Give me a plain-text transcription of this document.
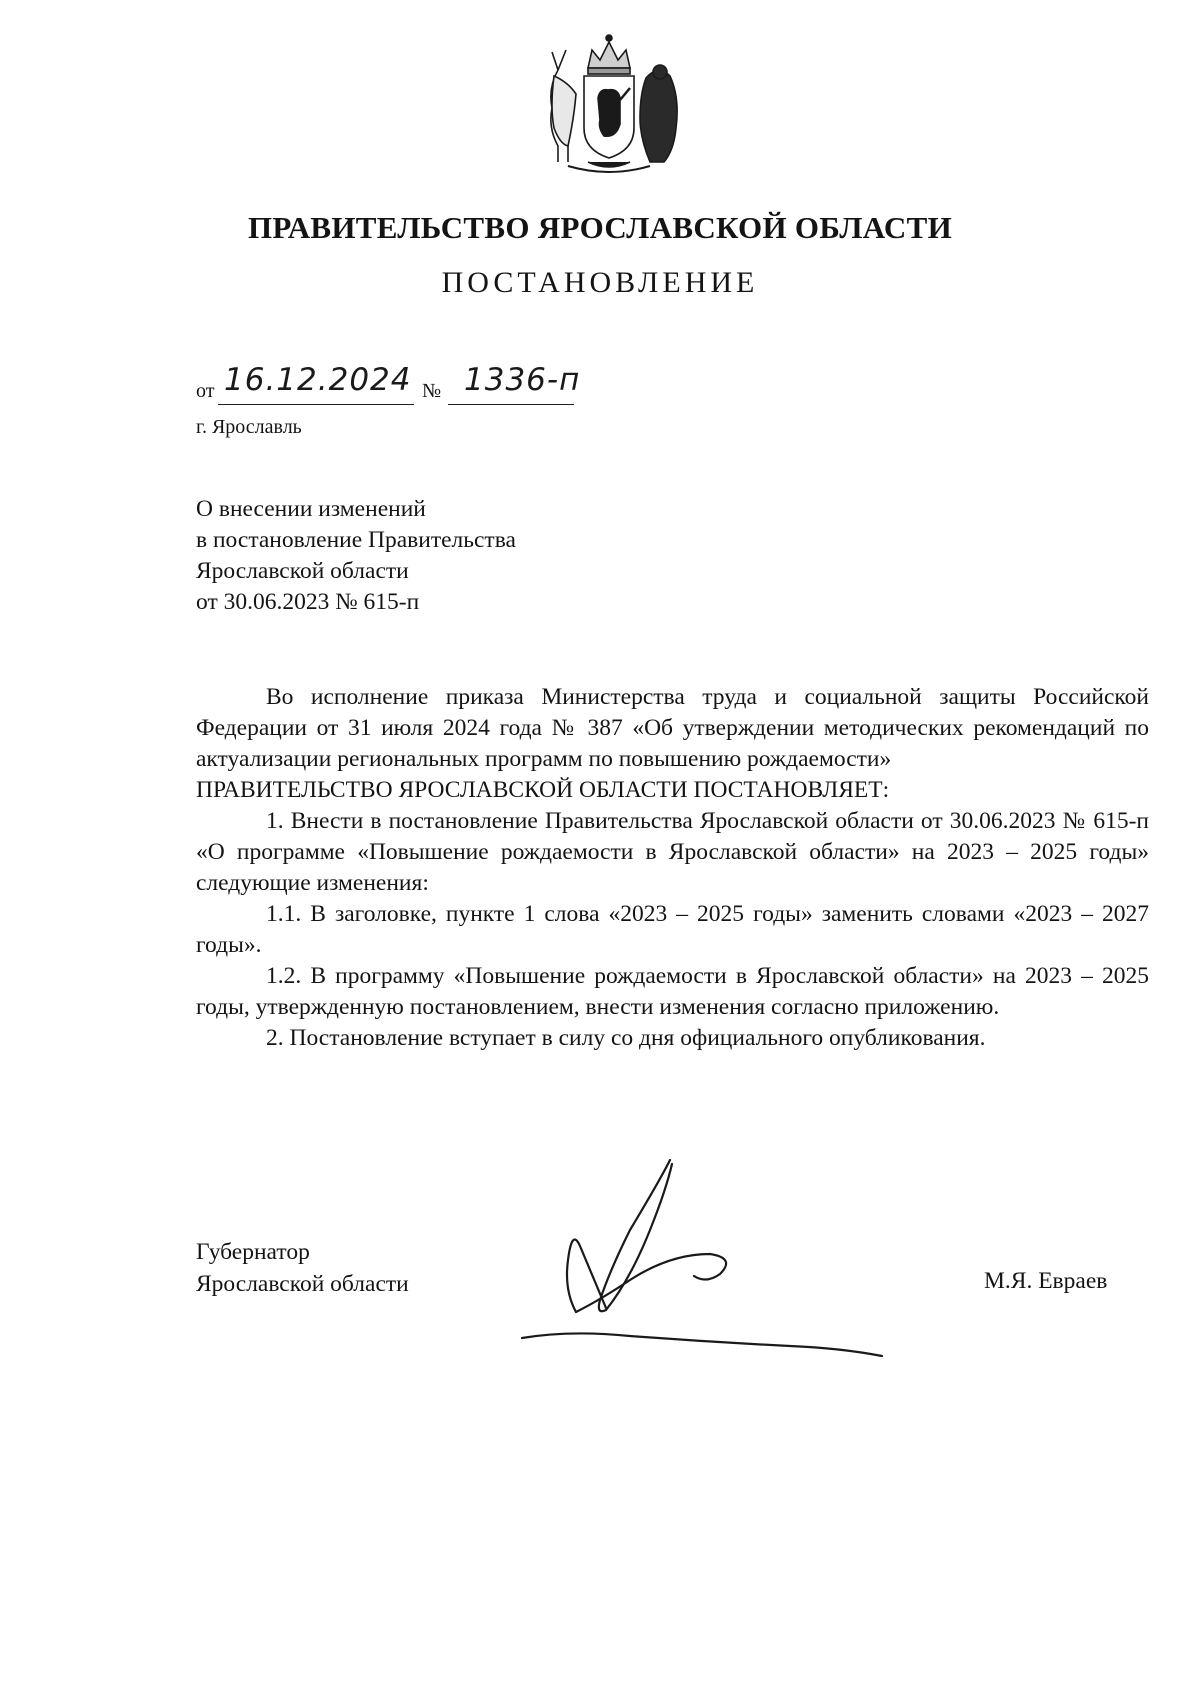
ПРАВИТЕЛЬСТВО ЯРОСЛАВСКОЙ ОБЛАСТИ
ПОСТАНОВЛЕНИЕ
от 16.12.2024 № 1336-п
г. Ярославль
О внесении изменений
в постановление Правительства
Ярославской области
от 30.06.2023 № 615-п

Во исполнение приказа Министерства труда и социальной защиты Российской Федерации от 31 июля 2024 года № 387 «Об утверждении методических рекомендаций по актуализации региональных программ по повышению рождаемости»

ПРАВИТЕЛЬСТВО ЯРОСЛАВСКОЙ ОБЛАСТИ ПОСТАНОВЛЯЕТ:

1. Внести в постановление Правительства Ярославской области от 30.06.2023 № 615-п «О программе «Повышение рождаемости в Ярославской области» на 2023 – 2025 годы» следующие изменения:

1.1. В заголовке, пункте 1 слова «2023 – 2025 годы» заменить словами «2023 – 2027 годы».

1.2. В программу «Повышение рождаемости в Ярославской области» на 2023 – 2025 годы, утвержденную постановлением, внести изменения согласно приложению.

2. Постановление вступает в силу со дня официального опубликования.

Губернатор
Ярославской области	М.Я. Евраев
